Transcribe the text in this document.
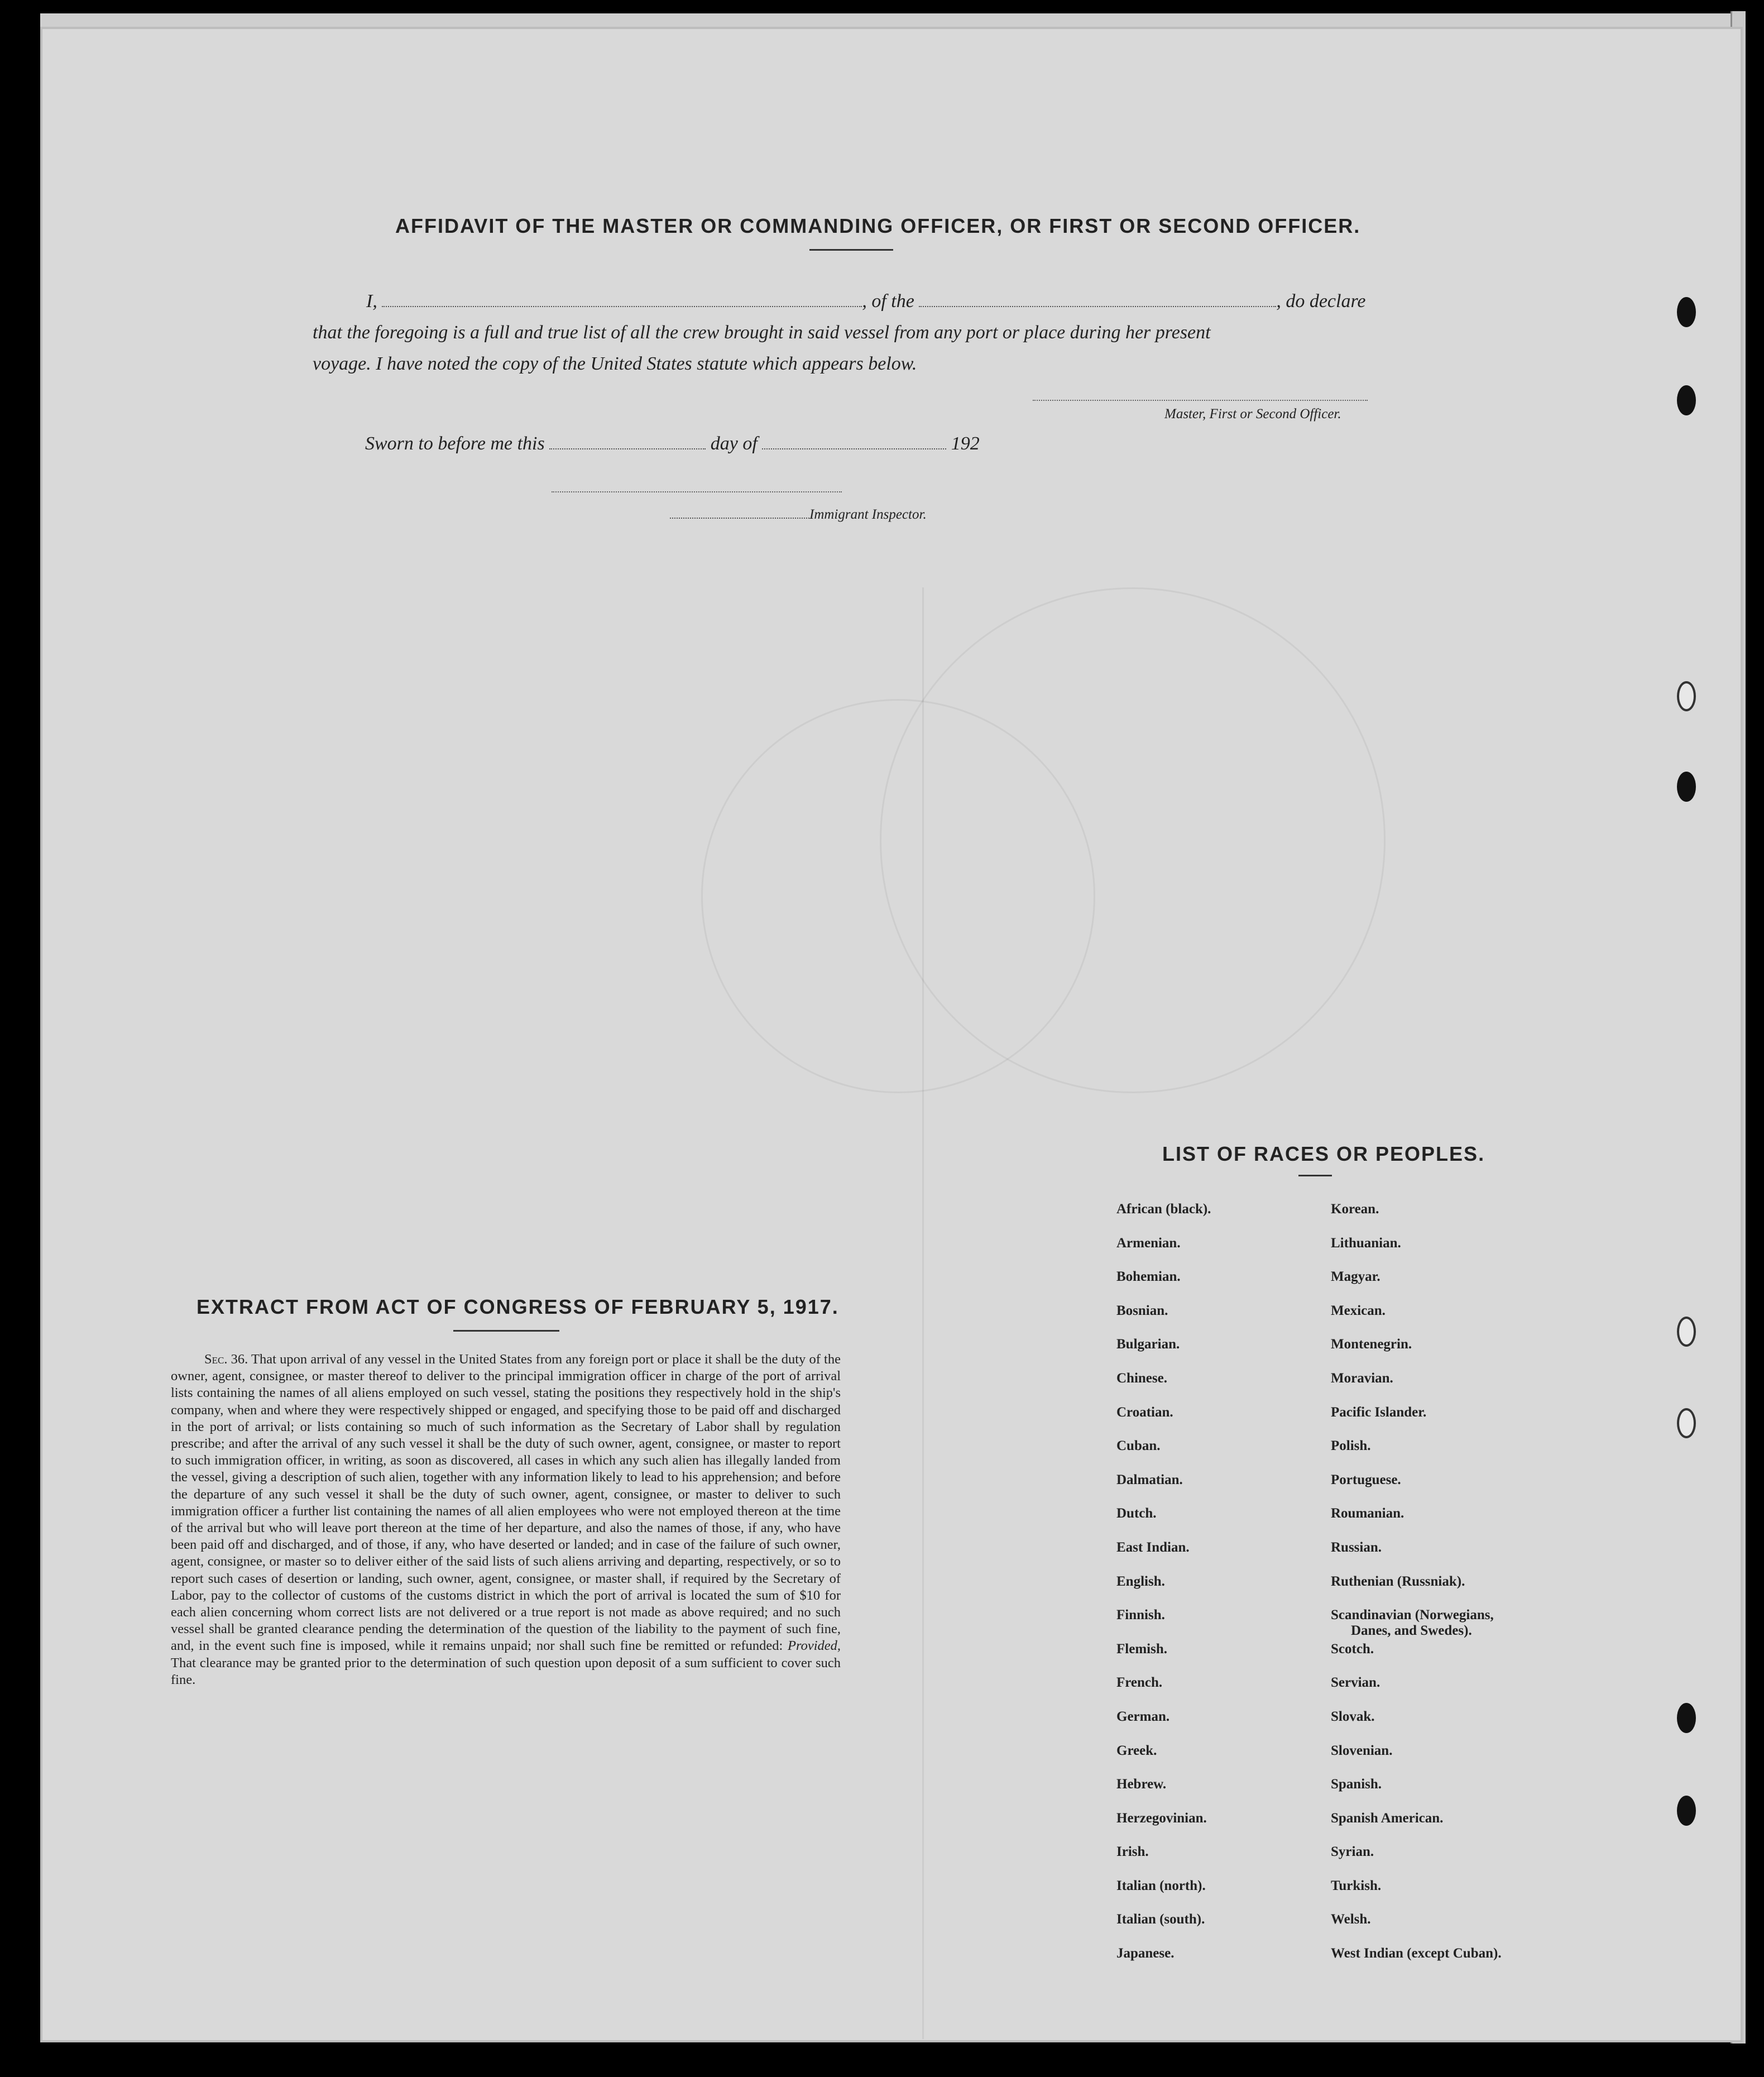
AFFIDAVIT OF THE MASTER OR COMMANDING OFFICER, OR FIRST OR SECOND OFFICER.
I,	, of the	, do declare
that the foregoing is a full and true list of all the crew brought in said vessel from any port or place during her present
voyage. I have noted the copy of the United States statute which appears below.
Master, First or Second Officer.
Sworn to before me this	day of	192
Immigrant Inspector.
LIST OF RACES OR PEOPLES.
African (black).	Korean.
Armenian.	Lithuanian.
Bohemian.	Magyar.
Bosnian.	Mexican.
Bulgarian.	Montenegrin.
Chinese.	Moravian.
Croatian.	Pacific Islander.
Cuban.	Polish.
Dalmatian.	Portuguese.
Dutch.	Roumanian.
East Indian.	Russian.
English.	Ruthenian (Russniak).
Finnish.	Scandinavian (Norwegians,
Danes, and Swedes).
Flemish.	Scotch.
French.	Servian.
German.	Slovak.
Greek.	Slovenian.
Hebrew.	Spanish.
Herzegovinian.	Spanish American.
Irish.	Syrian.
Italian (north).	Turkish.
Italian (south).	Welsh.
Japanese.	West Indian (except Cuban).
EXTRACT FROM ACT OF CONGRESS OF FEBRUARY 5, 1917.
Sec. 36. That upon arrival of any vessel in the United States from any foreign port or place it shall be the duty of the owner, agent, consignee, or master thereof to deliver to the principal immigration officer in charge of the port of arrival lists containing the names of all aliens employed on such vessel, stating the positions they respectively hold in the ship's company, when and where they were respectively shipped or engaged, and specifying those to be paid off and discharged in the port of arrival; or lists containing so much of such information as the Secretary of Labor shall by regulation prescribe; and after the arrival of any such vessel it shall be the duty of such owner, agent, consignee, or master to report to such immigration officer, in writing, as soon as discovered, all cases in which any such alien has illegally landed from the vessel, giving a description of such alien, together with any information likely to lead to his apprehension; and before the departure of any such vessel it shall be the duty of such owner, agent, consignee, or master to deliver to such immigration officer a further list containing the names of all alien employees who were not employed thereon at the time of the arrival but who will leave port thereon at the time of her departure, and also the names of those, if any, who have been paid off and discharged, and of those, if any, who have deserted or landed; and in case of the failure of such owner, agent, consignee, or master so to deliver either of the said lists of such aliens arriving and departing, respectively, or so to report such cases of desertion or landing, such owner, agent, consignee, or master shall, if required by the Secretary of Labor, pay to the collector of customs of the customs district in which the port of arrival is located the sum of $10 for each alien concerning whom correct lists are not delivered or a true report is not made as above required; and no such vessel shall be granted clearance pending the determination of the question of the liability to the payment of such fine, and, in the event such fine is imposed, while it remains unpaid; nor shall such fine be remitted or refunded: Provided, That clearance may be granted prior to the determination of such question upon deposit of a sum sufficient to cover such fine.
